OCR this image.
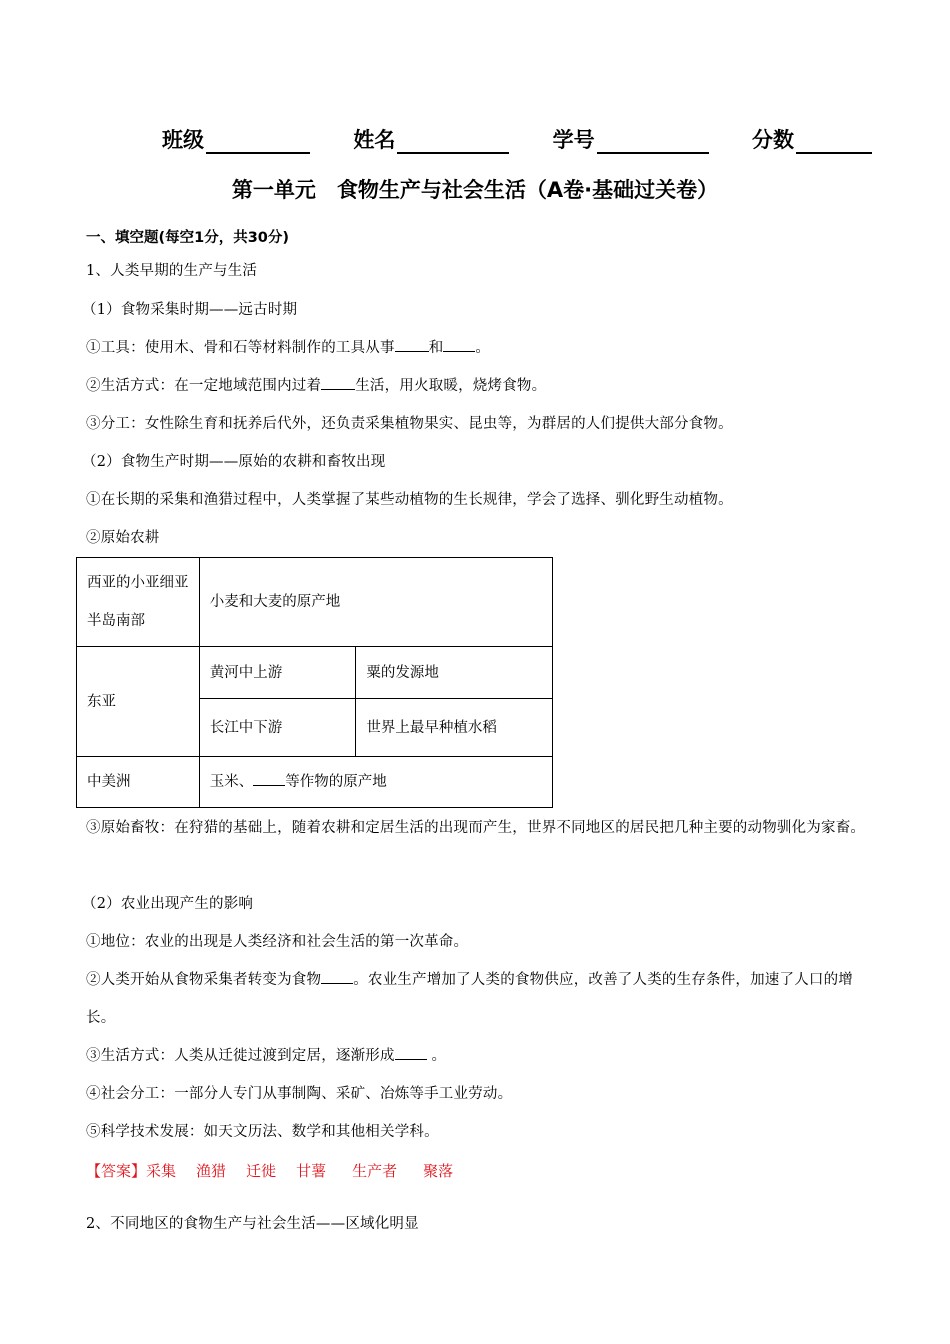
班级	姓名	学号	分数
第一单元　食物生产与社会生活（A卷·基础过关卷）
一、填空题(每空1分，共30分)
1、人类早期的生产与生活
（1）食物采集时期——远古时期
①工具：使用木、骨和石等材料制作的工具从事 和 。
②生活方式：在一定地域范围内过着 生活，用火取暖，烧烤食物。
③分工：女性除生育和抚养后代外，还负责采集植物果实、昆虫等，为群居的人们提供大部分食物。
（2）食物生产时期——原始的农耕和畜牧出现
①在长期的采集和渔猎过程中，人类掌握了某些动植物的生长规律，学会了选择、驯化野生动植物。
②原始农耕
西亚的小亚细亚半岛南部	小麦和大麦的原产地	
东亚	黄河中上游	粟的发源地
	长江中下游	世界上最早种植水稻
中美洲	玉米、 等作物的原产地	
③原始畜牧：在狩猎的基础上，随着农耕和定居生活的出现而产生，世界不同地区的居民把几种主要的动物驯化为家畜。
（2）农业出现产生的影响
①地位：农业的出现是人类经济和社会生活的第一次革命。
②人类开始从食物采集者转变为食物 。农业生产增加了人类的食物供应，改善了人类的生存条件，加速了人口的增长。
③生活方式：人类从迁徙过渡到定居，逐渐形成	。
④社会分工：一部分人专门从事制陶、采矿、冶炼等手工业劳动。
⑤科学技术发展：如天文历法、数学和其他相关学科。
【答案】采集 渔猎 迁徙 甘薯 生产者 聚落
2、不同地区的食物生产与社会生活——区域化明显
